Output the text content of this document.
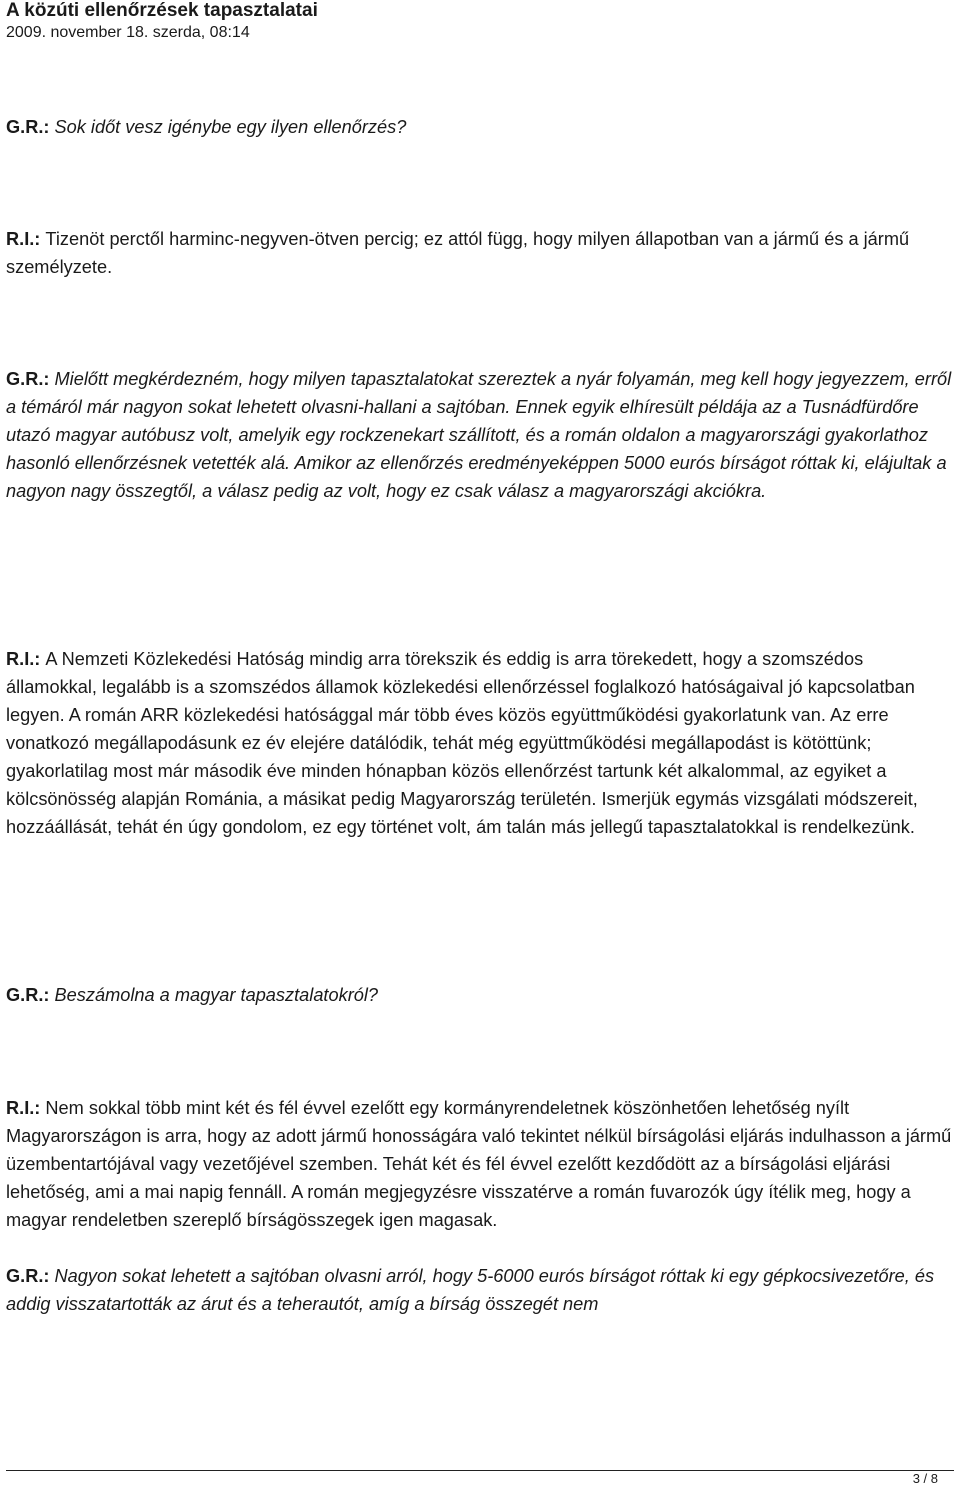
A közúti ellenőrzések tapasztalatai
2009. november 18. szerda, 08:14
G.R.: Sok időt vesz igénybe egy ilyen ellenőrzés?
R.I.: Tizenöt perctől harminc-negyven-ötven percig; ez attól függ, hogy milyen állapotban van a jármű és a jármű személyzete.
G.R.: Mielőtt megkérdezném, hogy milyen tapasztalatokat szereztek a nyár folyamán, meg kell hogy jegyezzem, erről a témáról már nagyon sokat lehetett olvasni-hallani a sajtóban. Ennek egyik elhíresült példája az a Tusnádfürdőre utazó magyar autóbusz volt, amelyik egy rockzenekart szállított, és a román oldalon a magyarországi gyakorlathoz hasonló ellenőrzésnek vetették alá. Amikor az ellenőrzés eredményeképpen 5000 eurós bírságot róttak ki, elájultak a nagyon nagy összegtől, a válasz pedig az volt, hogy ez csak válasz a magyarországi akciókra.
R.I.: A Nemzeti Közlekedési Hatóság mindig arra törekszik és eddig is arra törekedett, hogy a szomszédos államokkal, legalább is a szomszédos államok közlekedési ellenőrzéssel foglalkozó hatóságaival jó kapcsolatban legyen. A román ARR közlekedési hatósággal már több éves közös együttműködési gyakorlatunk van. Az erre vonatkozó megállapodásunk ez év elejére datálódik, tehát még együttműködési megállapodást is kötöttünk; gyakorlatilag most már második éve minden hónapban közös ellenőrzést tartunk két alkalommal, az egyiket a kölcsönösség alapján Románia, a másikat pedig Magyarország területén. Ismerjük egymás vizsgálati módszereit, hozzáállását, tehát én úgy gondolom, ez egy történet volt, ám talán más jellegű tapasztalatokkal is rendelkezünk.
G.R.: Beszámolna a magyar tapasztalatokról?
R.I.: Nem sokkal több mint két és fél évvel ezelőtt egy kormányrendeletnek köszönhetően lehetőség nyílt Magyarországon is arra, hogy az adott jármű honosságára való tekintet nélkül bírságolási eljárás indulhasson a jármű üzembentartójával vagy vezetőjével szemben. Tehát két és fél évvel ezelőtt kezdődött az a bírságolási eljárási lehetőség, ami a mai napig fennáll. A román megjegyzésre visszatérve a román fuvarozók úgy ítélik meg, hogy a magyar rendeletben szereplő bírságösszegek igen magasak.
G.R.: Nagyon sokat lehetett a sajtóban olvasni arról, hogy 5-6000 eurós bírságot róttak ki egy gépkocsivezetőre, és addig visszatartották az árut és a teherautót, amíg a bírság összegét nem
3 / 8
